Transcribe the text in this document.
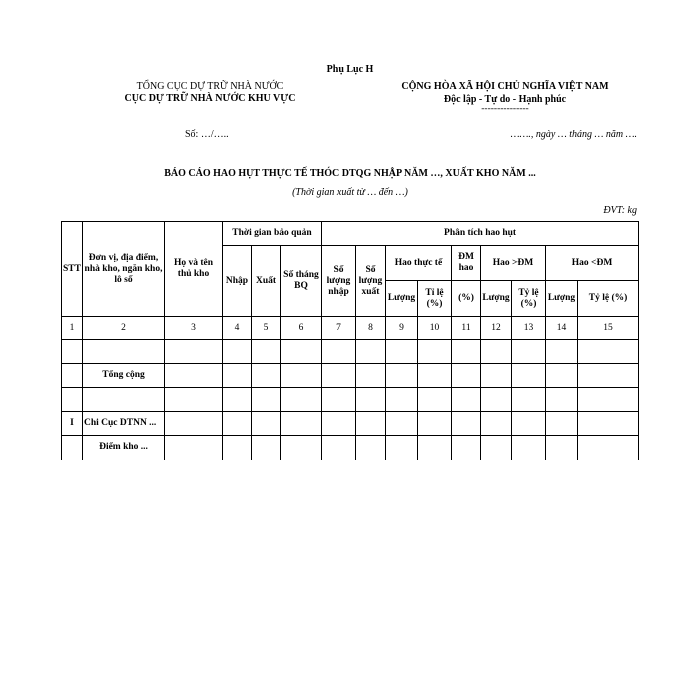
Phụ Lục H
TỔNG CỤC DỰ TRỮ NHÀ NƯỚC
CỤC DỰ TRỮ NHÀ NƯỚC KHU VỰC
CỘNG HÒA XÃ HỘI CHỦ NGHĨA VIỆT NAM
Độc lập - Tự do - Hạnh phúc
---------------
Số: …/…..	……., ngày … tháng … năm ….
BÁO CÁO HAO HỤT THỰC TẾ THÓC DTQG NHẬP NĂM …, XUẤT KHO NĂM ...
(Thời gian xuất từ … đến …)
ĐVT: kg
STT	Đơn vị, địa điểm, nhà kho, ngăn kho, lô số	Họ và tên thủ kho	Thời gian bảo quản			Phân tích hao hụt								
			Nhập	Xuất	Số tháng BQ	Số lượng nhập	Số lượng xuất	Hao thực tế		ĐM hao	Hao >ĐM		Hao <ĐM	
								Lượng	Tỉ lệ (%)	(%)	Lượng	Tỷ lệ (%)	Lượng	Tỷ lệ (%)
1	2	3	4	5	6	7	8	9	10	11	12	13	14	15

	Tổng cộng													

I	Chi Cục DTNN ...													
	Điểm kho ...													
